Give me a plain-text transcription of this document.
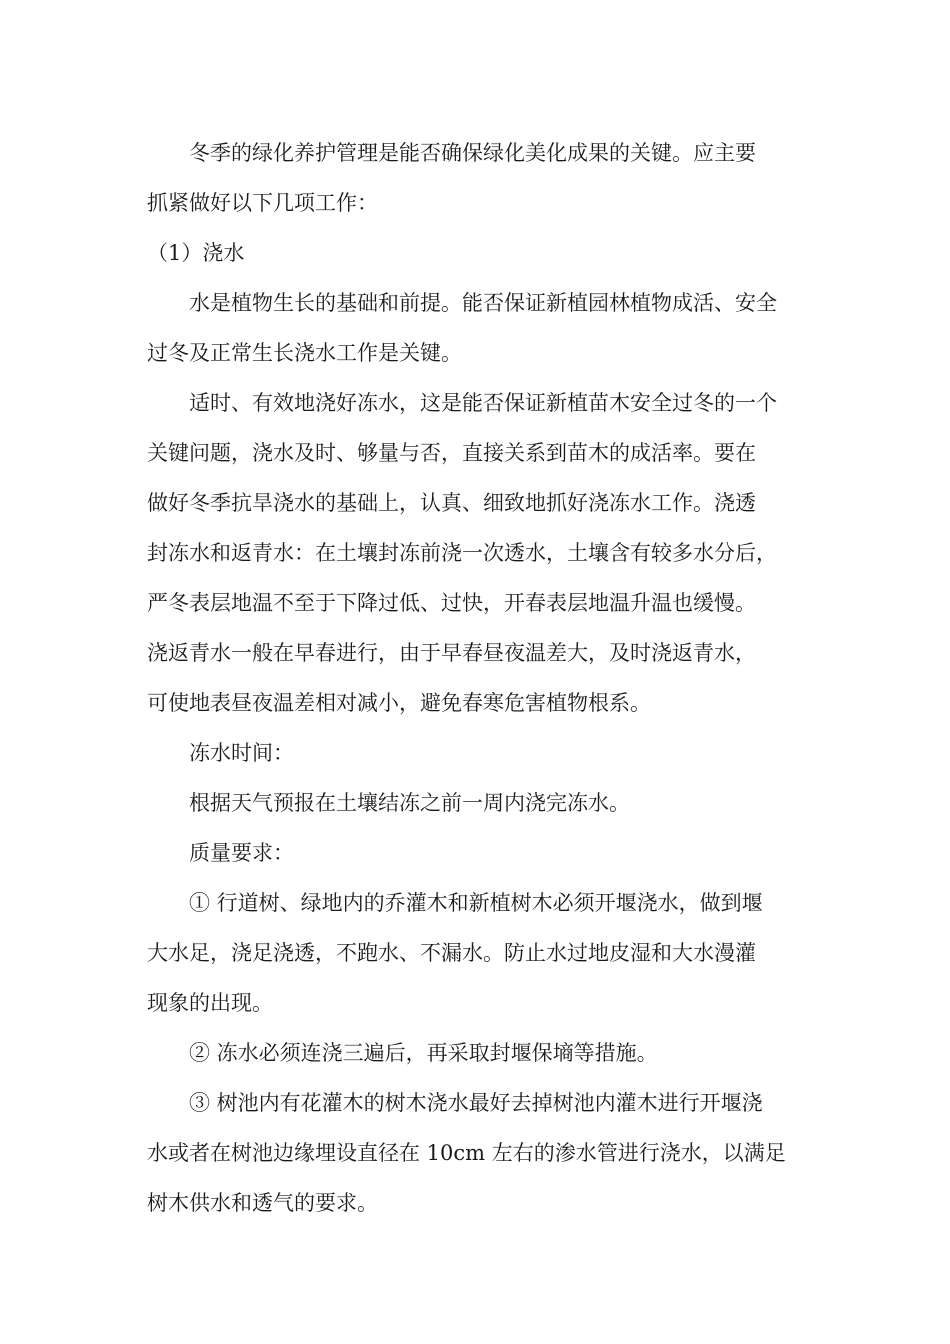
　　冬季的绿化养护管理是能否确保绿化美化成果的关键。应主要
抓紧做好以下几项工作：
（1）浇水
　　水是植物生长的基础和前提。能否保证新植园林植物成活、安全
过冬及正常生长浇水工作是关键。
　　适时、有效地浇好冻水，这是能否保证新植苗木安全过冬的一个
关键问题，浇水及时、够量与否，直接关系到苗木的成活率。要在
做好冬季抗旱浇水的基础上，认真、细致地抓好浇冻水工作。浇透
封冻水和返青水：在土壤封冻前浇一次透水，土壤含有较多水分后，
严冬表层地温不至于下降过低、过快，开春表层地温升温也缓慢。
浇返青水一般在早春进行，由于早春昼夜温差大，及时浇返青水，
可使地表昼夜温差相对减小，避免春寒危害植物根系。
　　冻水时间：
　　根据天气预报在土壤结冻之前一周内浇完冻水。
　　质量要求：
　　① 行道树、绿地内的乔灌木和新植树木必须开堰浇水，做到堰
大水足，浇足浇透，不跑水、不漏水。防止水过地皮湿和大水漫灌
现象的出现。
　　② 冻水必须连浇三遍后，再采取封堰保墒等措施。
　　③ 树池内有花灌木的树木浇水最好去掉树池内灌木进行开堰浇
水或者在树池边缘埋设直径在 10cm 左右的渗水管进行浇水，以满足
树木供水和透气的要求。
